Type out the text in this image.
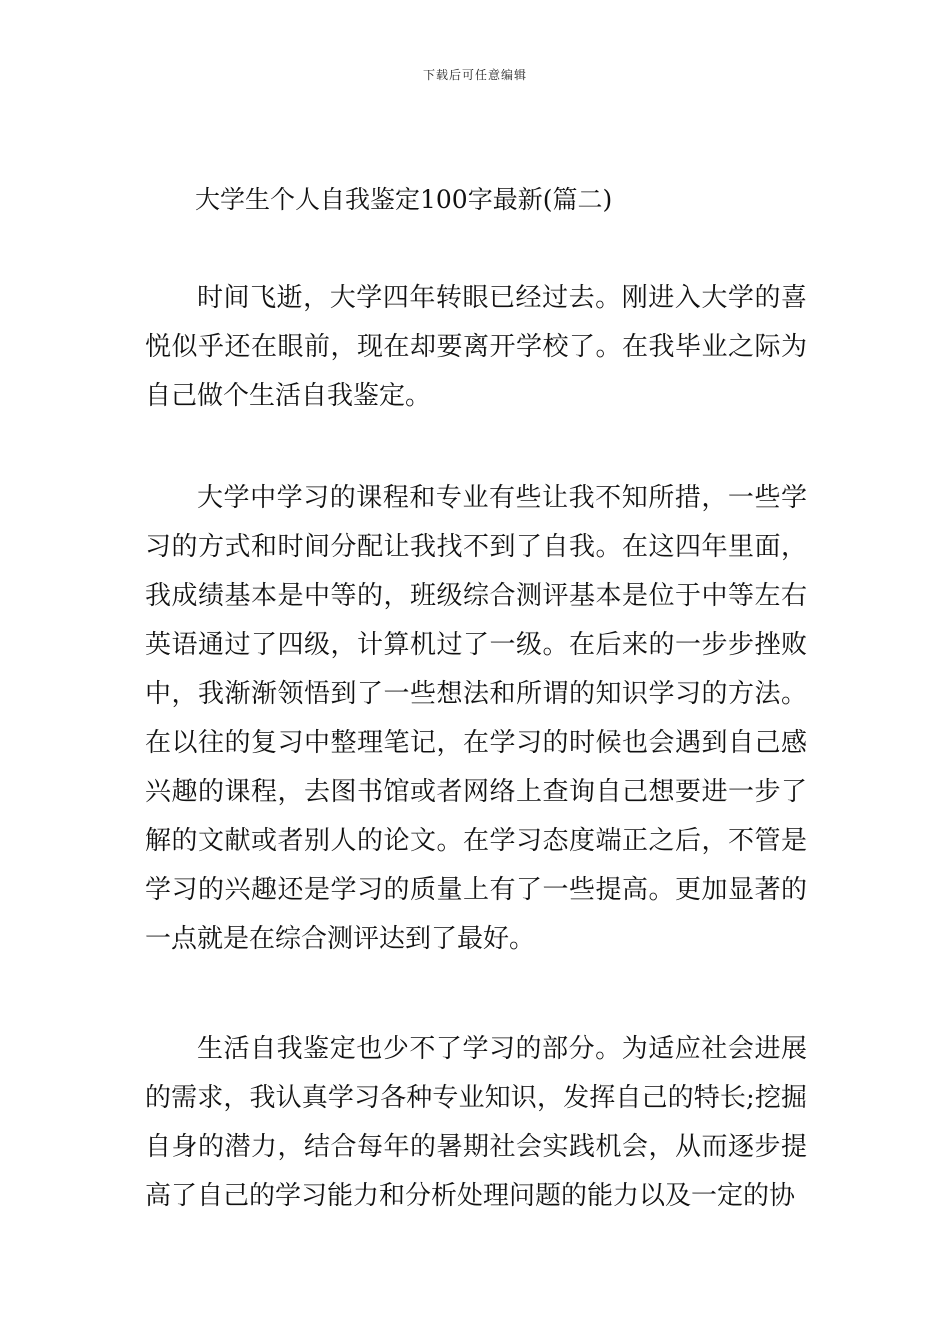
下载后可任意编辑
大学生个人自我鉴定100字最新(篇二)

时间飞逝，大学四年转眼已经过去。刚进入大学的喜悦似乎还在眼前，现在却要离开学校了。在我毕业之际为自己做个生活自我鉴定。

大学中学习的课程和专业有些让我不知所措，一些学习的方式和时间分配让我找不到了自我。在这四年里面，我成绩基本是中等的，班级综合测评基本是位于中等左右英语通过了四级，计算机过了一级。在后来的一步步挫败中，我渐渐领悟到了一些想法和所谓的知识学习的方法。在以往的复习中整理笔记，在学习的时候也会遇到自己感兴趣的课程，去图书馆或者网络上查询自己想要进一步了解的文献或者别人的论文。在学习态度端正之后，不管是学习的兴趣还是学习的质量上有了一些提高。更加显著的一点就是在综合测评达到了最好。

生活自我鉴定也少不了学习的部分。为适应社会进展的需求，我认真学习各种专业知识，发挥自己的特长;挖掘自身的潜力，结合每年的暑期社会实践机会，从而逐步提高了自己的学习能力和分析处理问题的能力以及一定的协
